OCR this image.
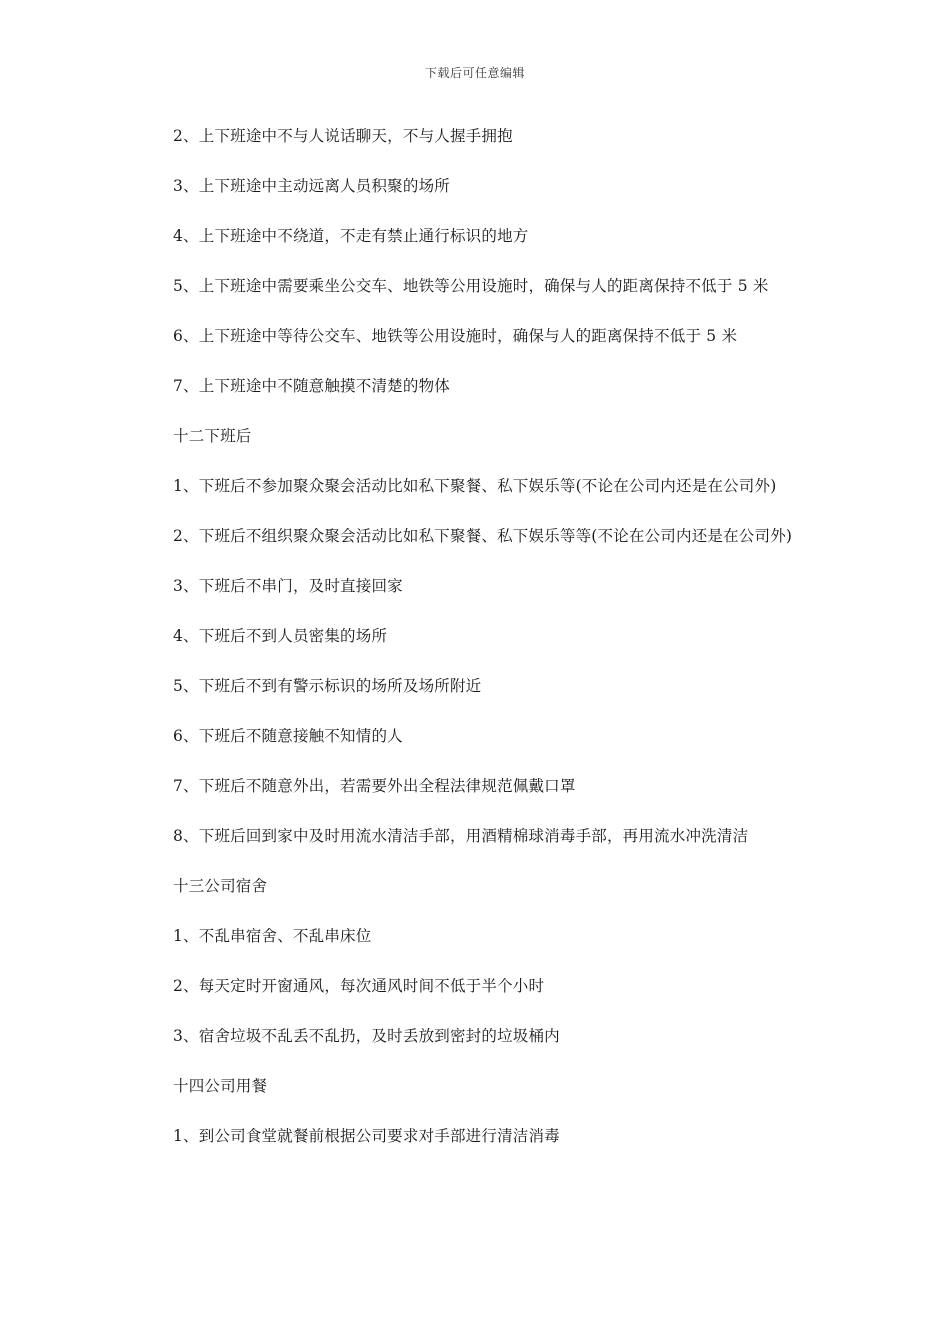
下载后可任意编辑

2、上下班途中不与人说话聊天，不与人握手拥抱

3、上下班途中主动远离人员积聚的场所

4、上下班途中不绕道，不走有禁止通行标识的地方

5、上下班途中需要乘坐公交车、地铁等公用设施时，确保与人的距离保持不低于 5 米

6、上下班途中等待公交车、地铁等公用设施时，确保与人的距离保持不低于 5 米

7、上下班途中不随意触摸不清楚的物体

十二下班后

1、下班后不参加聚众聚会活动比如私下聚餐、私下娱乐等(不论在公司内还是在公司外)

2、下班后不组织聚众聚会活动比如私下聚餐、私下娱乐等等(不论在公司内还是在公司外)

3、下班后不串门，及时直接回家

4、下班后不到人员密集的场所

5、下班后不到有警示标识的场所及场所附近

6、下班后不随意接触不知情的人

7、下班后不随意外出，若需要外出全程法律规范佩戴口罩

8、下班后回到家中及时用流水清洁手部，用酒精棉球消毒手部，再用流水冲洗清洁

十三公司宿舍

1、不乱串宿舍、不乱串床位

2、每天定时开窗通风，每次通风时间不低于半个小时

3、宿舍垃圾不乱丢不乱扔，及时丢放到密封的垃圾桶内

十四公司用餐

1、到公司食堂就餐前根据公司要求对手部进行清洁消毒
